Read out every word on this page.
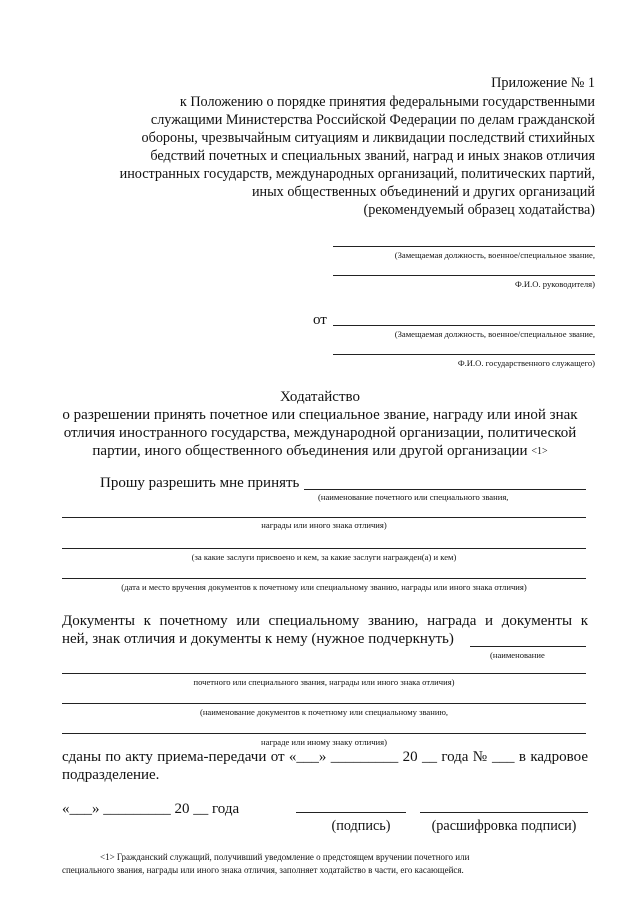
Приложение № 1
к Положению о порядке принятия федеральными государственными
служащими Министерства Российской Федерации по делам гражданской
обороны, чрезвычайным ситуациям и ликвидации последствий стихийных
бедствий почетных и специальных званий, наград и иных знаков отличия
иностранных государств, международных организаций, политических партий,
иных общественных объединений и других организаций
(рекомендуемый образец ходатайства)
(Замещаемая должность, военное/специальное звание,
Ф.И.О. руководителя)
от
(Замещаемая должность, военное/специальное звание,
Ф.И.О. государственного служащего)
Ходатайство
о разрешении принять почетное или специальное звание, награду или иной знак
отличия иностранного государства, международной организации, политической
партии, иного общественного объединения или другой организации <1>
Прошу разрешить мне принять
(наименование почетного или специального звания,
награды или иного знака отличия)
(за какие заслуги присвоено и кем, за какие заслуги награжден(а) и кем)
(дата и место вручения документов к почетному или специальному званию, награды или иного знака отличия)
Документы к почетному или специальному званию, награда и документы к
ней, знак отличия и документы к нему (нужное подчеркнуть)
(наименование
почетного или специального звания, награды или иного знака отличия)
(наименование документов к почетному или специальному званию,
награде или иному знаку отличия)
сданы по акту приема-передачи от «___» _________ 20 __ года № ___ в кадровое
подразделение.
«___» _________ 20 __ года
(подпись)	(расшифровка подписи)
<1> Гражданский служащий, получивший уведомление о предстоящем вручении почетного или
специального звания, награды или иного знака отличия, заполняет ходатайство в части, его касающейся.
